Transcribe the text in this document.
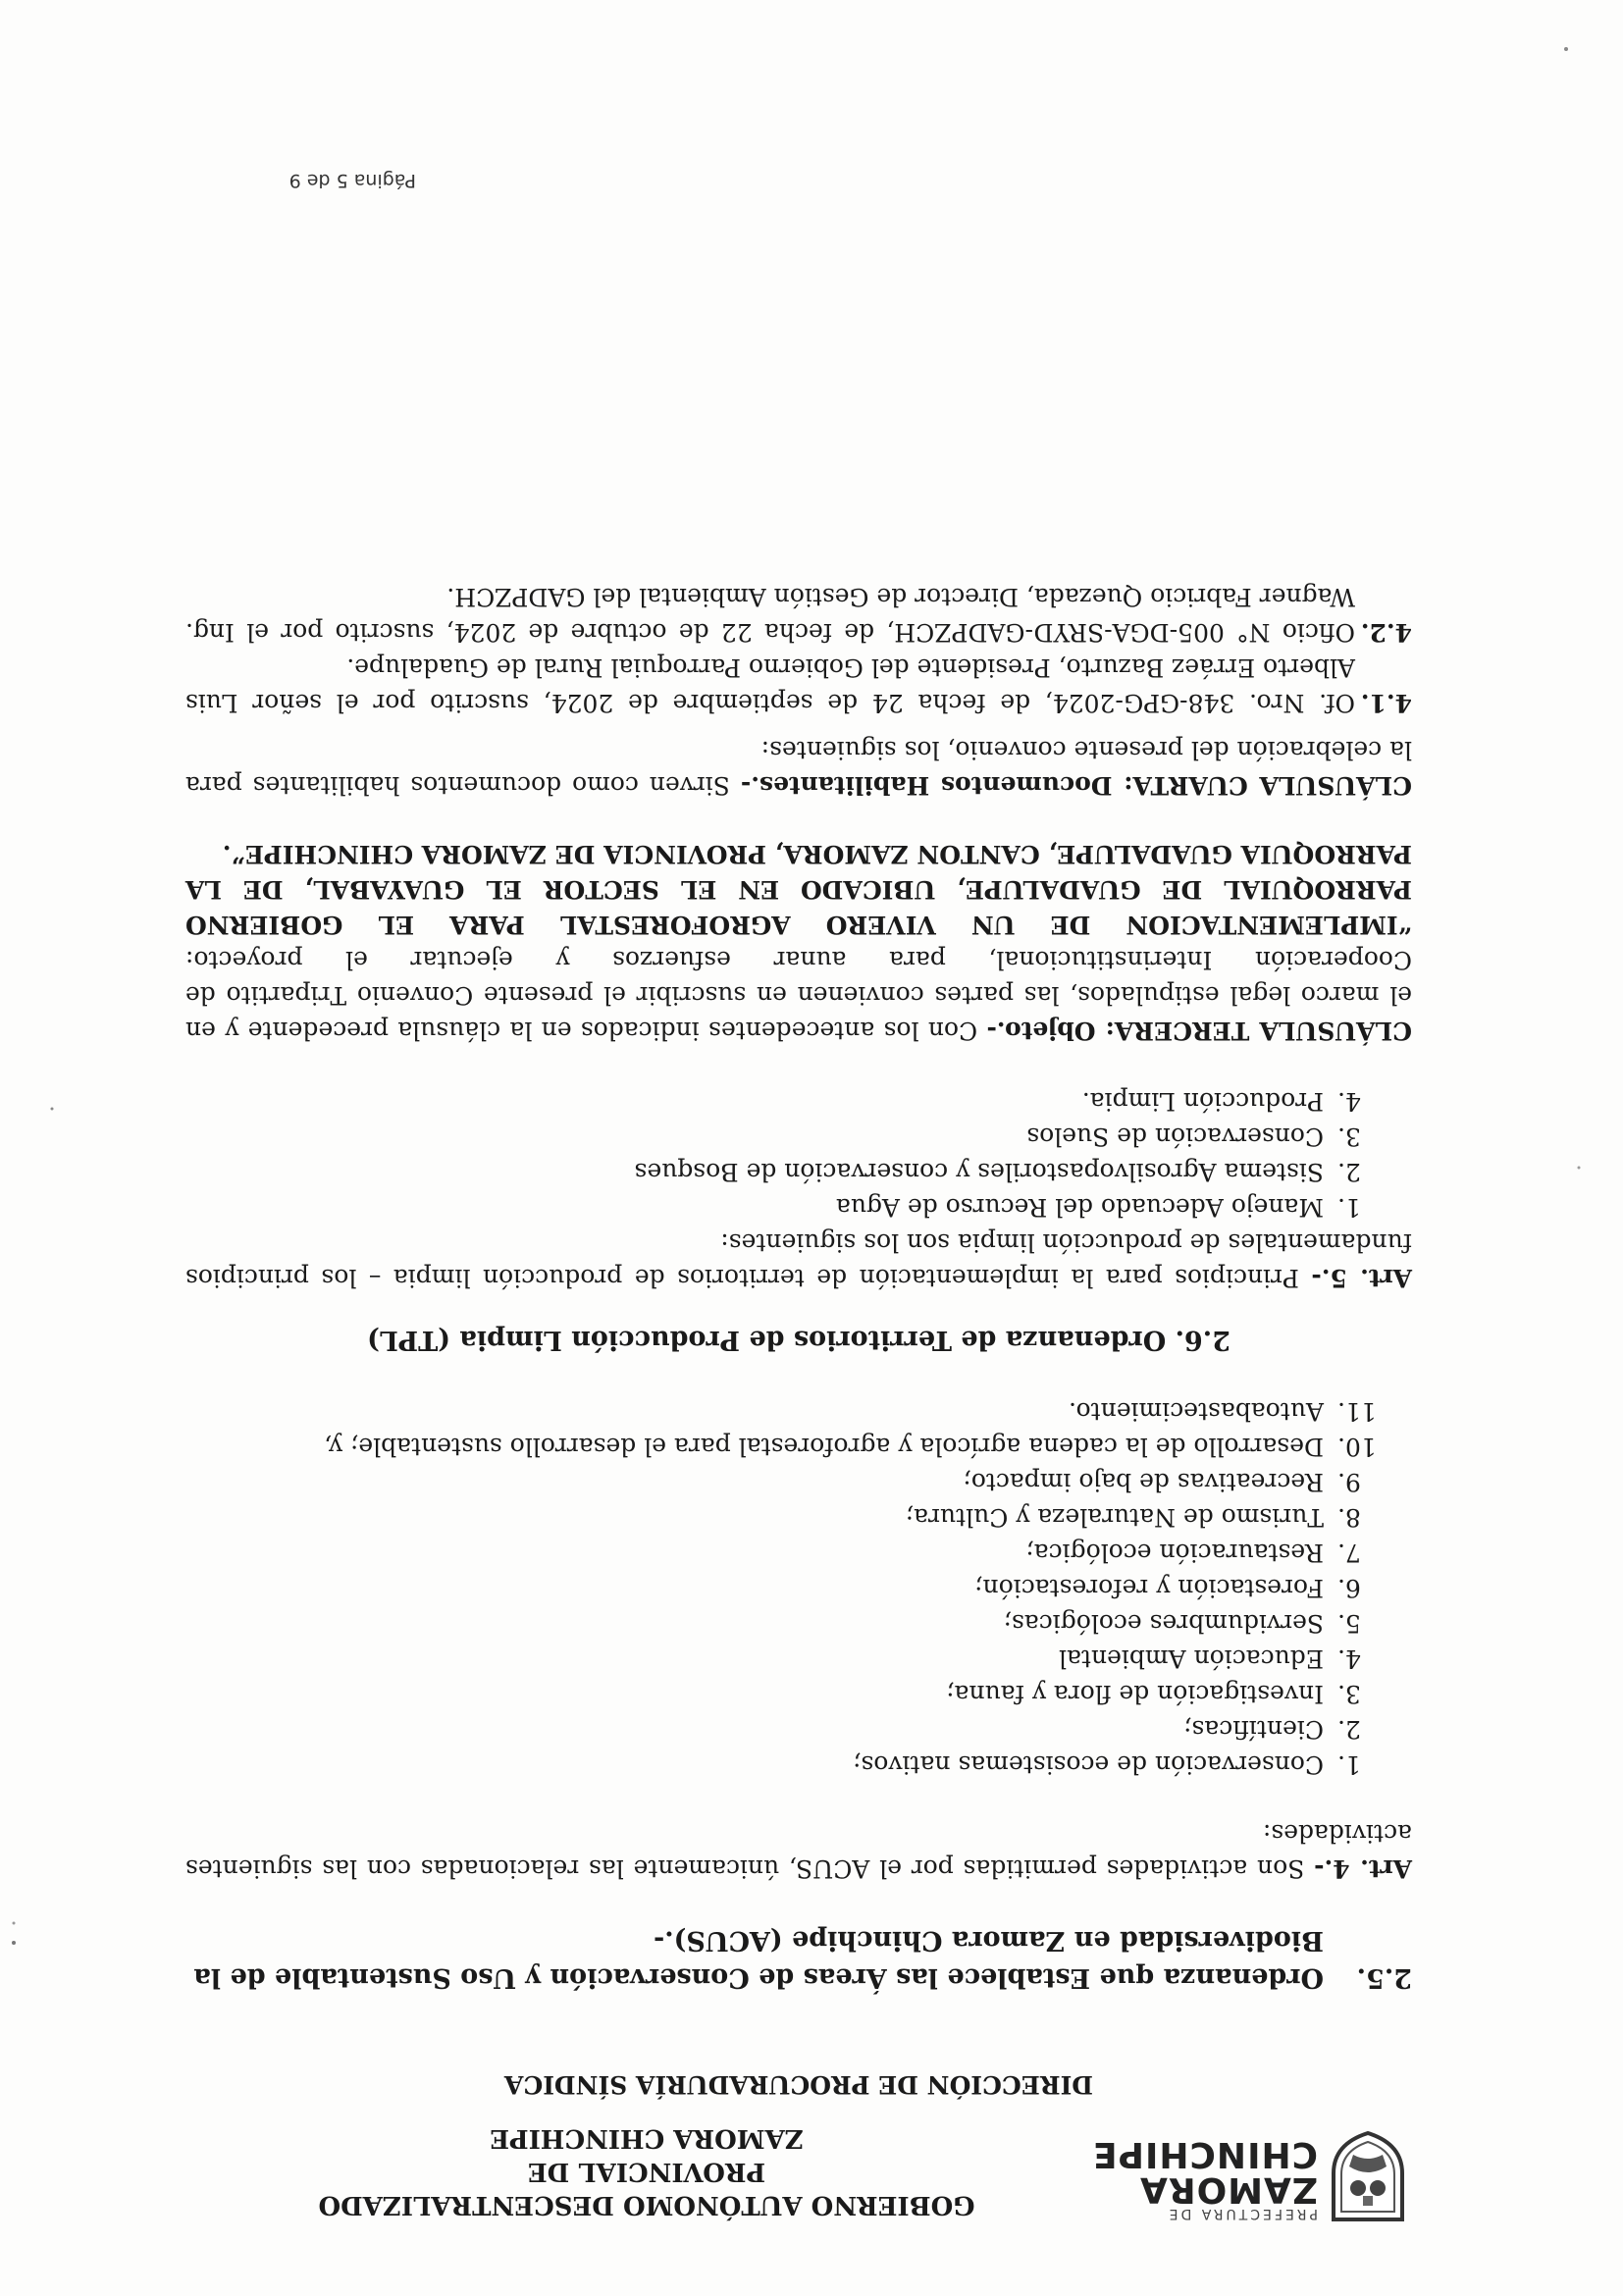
PREFECTURA DE
ZAMORA
CHINCHIPE
GOBIERNO AUTÓNOMO DESCENTRALIZADO PROVINCIAL DE
ZAMORA CHINCHIPE
DIRECCIÓN DE PROCURADURÍA SÍNDICA
2.5.
Ordenanza que Establece las Áreas de Conservación y Uso Sustentable de la Biodiversidad en Zamora Chinchipe (ACUS).-

Art. 4.- Son actividades permitidas por el ACUS, únicamente las relacionadas con las siguientes actividades:

1.
Conservación de ecosistemas nativos;
2.
Científicas;
3.
Investigación de flora y fauna;
4.
Educación Ambiental
5.
Servidumbres ecológicas;
6.
Forestación y reforestación;
7.
Restauración ecológica;
8.
Turismo de Naturaleza y Cultura;
9.
Recreativas de bajo impacto;
10.
Desarrollo de la cadena agrícola y agroforestal para el desarrollo sustentable; y,
11.
Autoabastecimiento.
2.6. Ordenanza de Territorios de Producción Limpia (TPL)

Art. 5.- Principios para la implementación de territorios de producción limpia – los principios fundamentales de producción limpia son los siguientes:

1.
Manejo Adecuado del Recurso de Agua
2.
Sistema Agrosilvopastoriles y conservación de Bosques
3.
Conservación de Suelos
4.
Producción Limpia.

CLÁUSULA TERCERA: Objeto.- Con los antecedentes indicados en la cláusula precedente y en el marco legal estipulados, las partes convienen en suscribir el presente Convenio Tripartito de Cooperación Interinstitucional, para aunar esfuerzos y ejecutar el proyecto: “IMPLEMENTACION DE UN VIVERO AGROFORESTAL PARA EL GOBIERNO PARROQUIAL DE GUADALUPE, UBICADO EN EL SECTOR EL GUAYABAL, DE LA PARROQUIA GUADALUPE, CANTON ZAMORA, PROVINCIA DE ZAMORA CHINCHIPE”.

CLÁUSULA CUARTA: Documentos Habilitantes.- Sirven como documentos habilitantes para la celebración del presente convenio, los siguientes:

4.1.
Of. Nro. 348-GPG-2024, de fecha 24 de septiembre de 2024, suscrito por el señor Luis Alberto Erráez Bazurto, Presidente del Gobierno Parroquial Rural de Guadalupe.
4.2.
Oficio N° 005-DGA-SRYD-GADPZCH, de fecha 22 de octubre de 2024, suscrito por el Ing. Wagner Fabricio Quezada, Director de Gestión Ambiental del GADPZCH.
Página 5 de 9
